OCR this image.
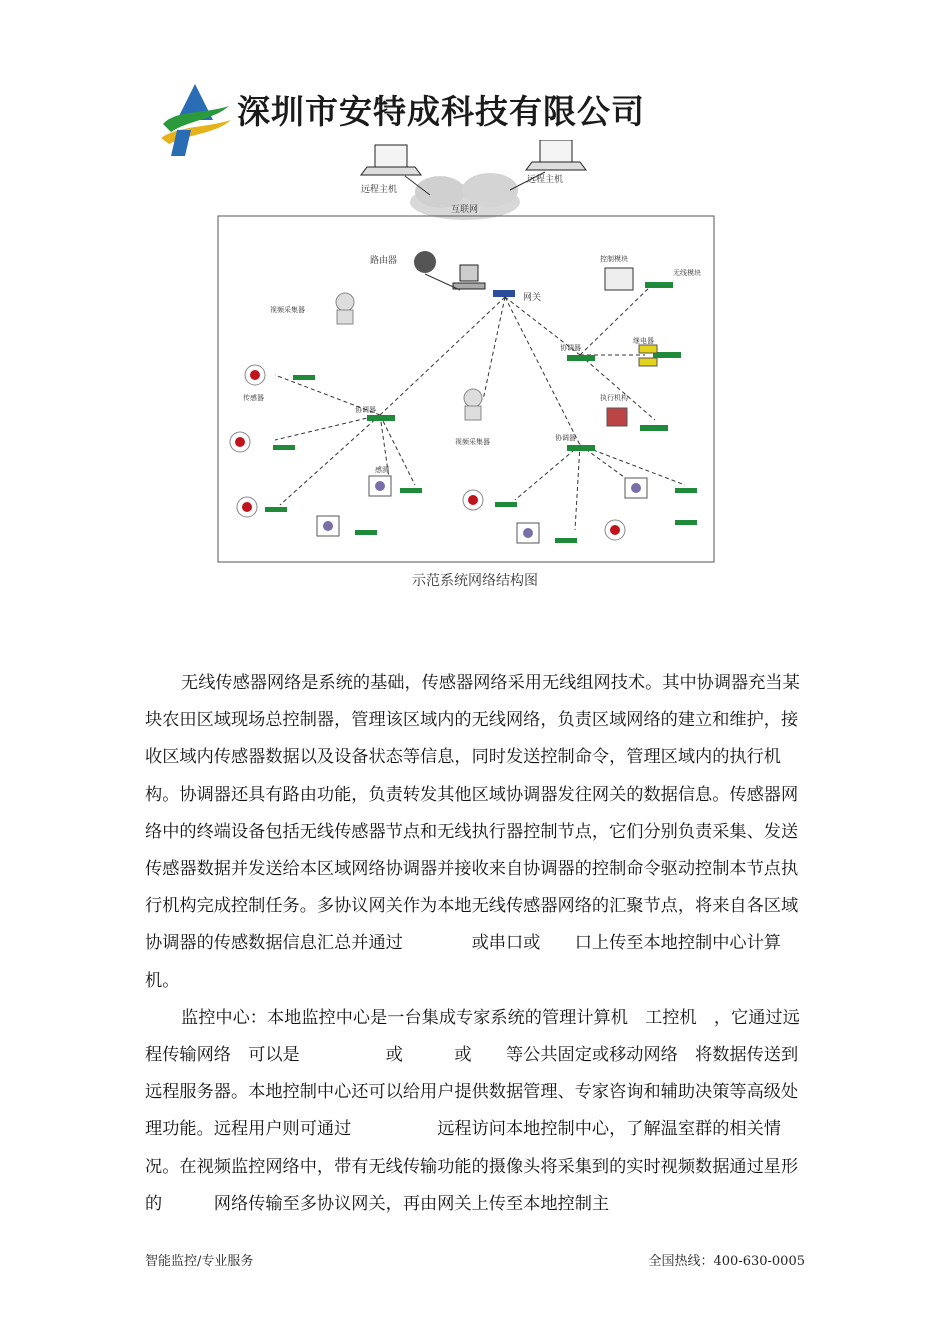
深圳市安特成科技有限公司
互联网
远程主机
远程主机
路由器
网关
视频采集器
视频采集器
协调器
协调器
协调器
控制模块
无线模块
继电器
执行机构
传感器
感测
示范系统网络结构图

无线传感器网络是系统的基础，传感器网络采用无线组网技术。其中协调器充当某块农田区域现场总控制器，管理该区域内的无线网络，负责区域网络的建立和维护，接收区域内传感器数据以及设备状态等信息，同时发送控制命令，管理区域内的执行机构。协调器还具有路由功能，负责转发其他区域协调器发往网关的数据信息。传感器网络中的终端设备包括无线传感器节点和无线执行器控制节点，它们分别负责采集、发送传感器数据并发送给本区域网络协调器并接收来自协调器的控制命令驱动控制本节点执行机构完成控制任务。多协议网关作为本地无线传感器网络的汇聚节点，将来自各区域协调器的传感数据信息汇总并通过　　　　或串口或　　口上传至本地控制中心计算机。

监控中心：本地监控中心是一台集成专家系统的管理计算机　工控机　，它通过远程传输网络　可以是　　　　　或　　　或　　等公共固定或移动网络　将数据传送到远程服务器。本地控制中心还可以给用户提供数据管理、专家咨询和辅助决策等高级处理功能。远程用户则可通过　　　　　远程访问本地控制中心，了解温室群的相关情况。在视频监控网络中，带有无线传输功能的摄像头将采集到的实时视频数据通过星形的　　　网络传输至多协议网关，再由网关上传至本地控制主

智能监控/专业服务	全国热线：400-630-0005
